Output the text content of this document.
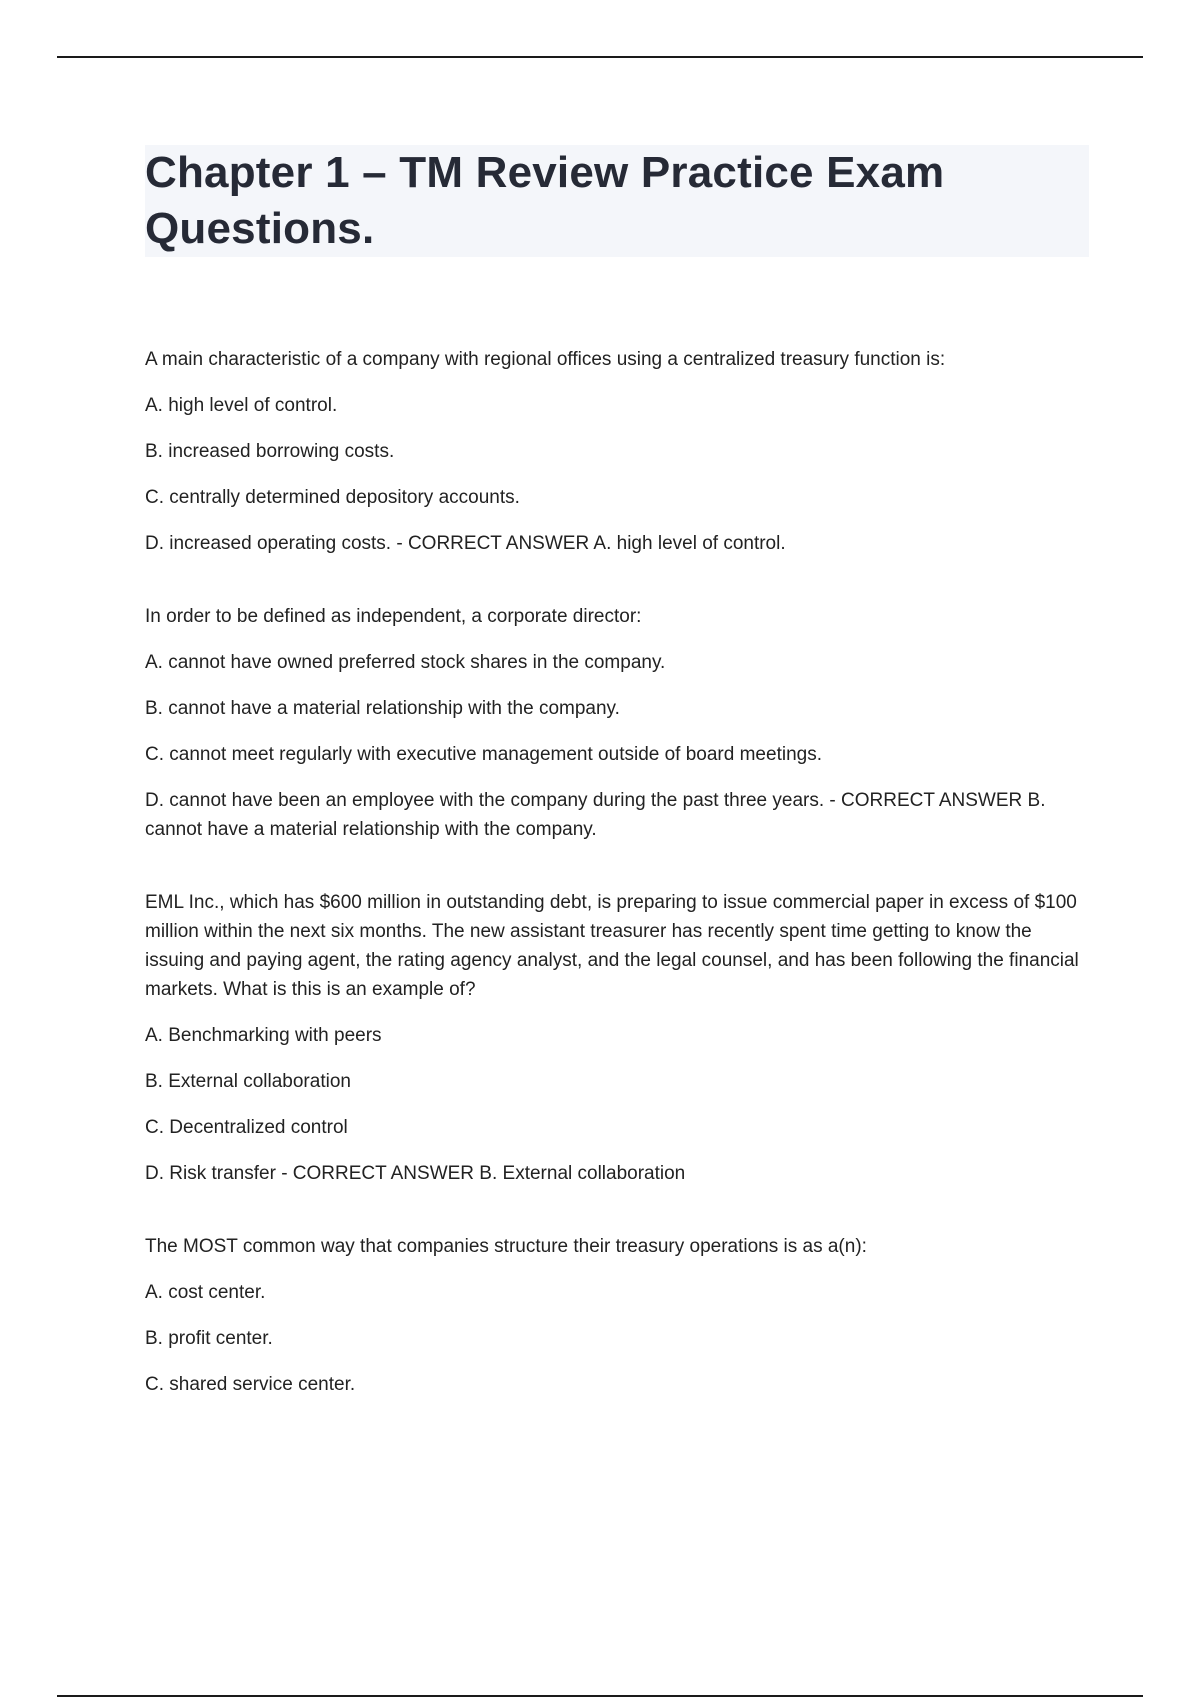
Chapter 1 – TM Review Practice Exam Questions.

A main characteristic of a company with regional offices using a centralized treasury function is:

A. high level of control.

B. increased borrowing costs.

C. centrally determined depository accounts.

D. increased operating costs. - CORRECT ANSWER A. high level of control.

In order to be defined as independent, a corporate director:

A. cannot have owned preferred stock shares in the company.

B. cannot have a material relationship with the company.

C. cannot meet regularly with executive management outside of board meetings.

D. cannot have been an employee with the company during the past three years. - CORRECT ANSWER B. cannot have a material relationship with the company.

EML Inc., which has $600 million in outstanding debt, is preparing to issue commercial paper in excess of $100 million within the next six months. The new assistant treasurer has recently spent time getting to know the issuing and paying agent, the rating agency analyst, and the legal counsel, and has been following the financial markets. What is this is an example of?

A. Benchmarking with peers

B. External collaboration

C. Decentralized control

D. Risk transfer - CORRECT ANSWER B. External collaboration

The MOST common way that companies structure their treasury operations is as a(n):

A. cost center.

B. profit center.

C. shared service center.
